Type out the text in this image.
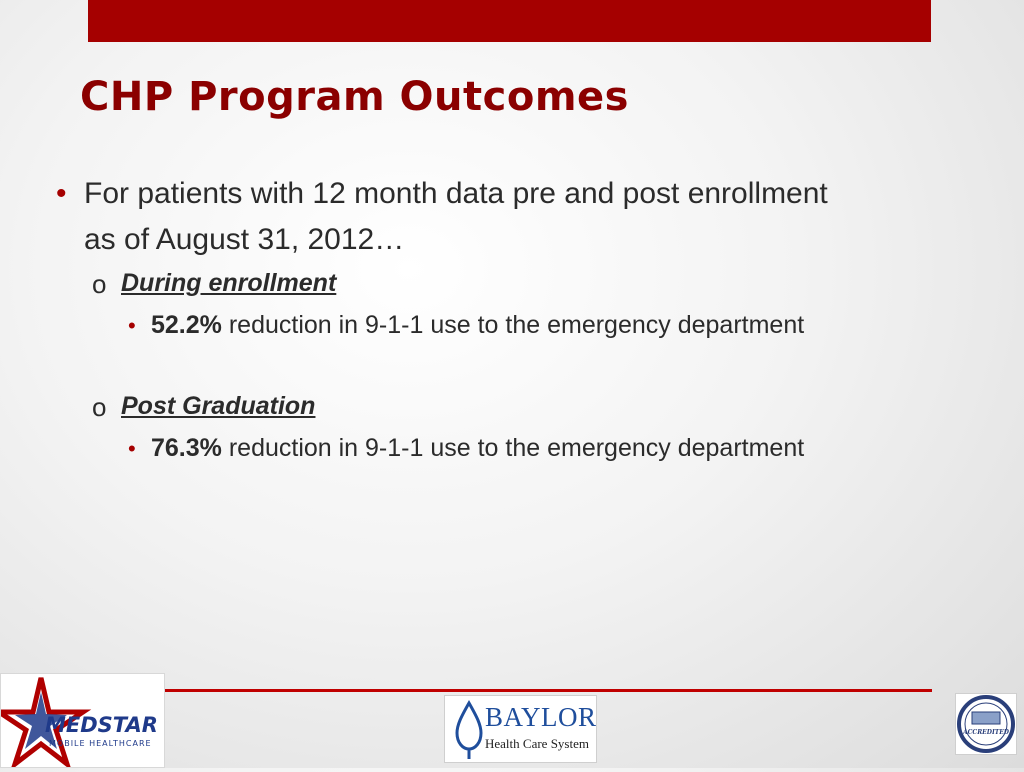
CHP Program Outcomes
• For patients with 12 month data pre and post enrollment as of August 31, 2012…
o During enrollment
• 52.2% reduction in 9-1-1 use to the emergency department
o Post Graduation
• 76.3% reduction in 9-1-1 use to the emergency department
MEDSTAR
MOBILE HEALTHCARE
BAYLOR
Health Care System
ACCREDITED
